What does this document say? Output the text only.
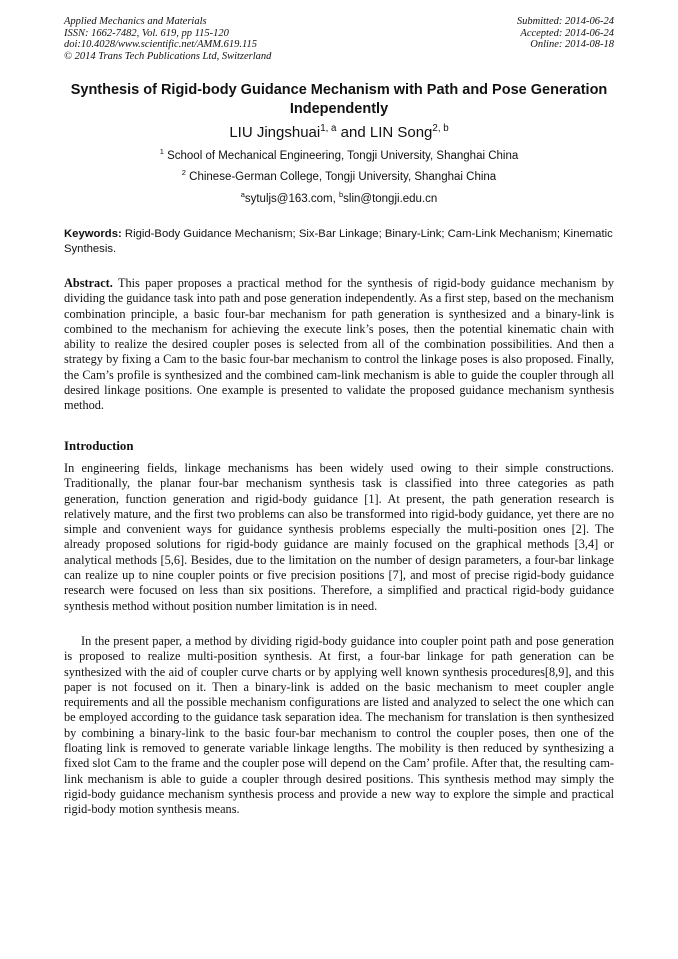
Applied Mechanics and Materials
ISSN: 1662-7482, Vol. 619, pp 115-120
doi:10.4028/www.scientific.net/AMM.619.115
© 2014 Trans Tech Publications Ltd, Switzerland
Submitted: 2014-06-24
Accepted: 2014-06-24
Online: 2014-08-18
Synthesis of Rigid-body Guidance Mechanism with Path and Pose Generation Independently
LIU Jingshuai$^{1, a}$ and LIN Song$^{2, b}$
$^1$ School of Mechanical Engineering, Tongji University, Shanghai China
$^2$ Chinese-German College, Tongji University, Shanghai China
$^a$sytuljs@163.com, $^b$slin@tongji.edu.cn
Keywords: Rigid-Body Guidance Mechanism; Six-Bar Linkage; Binary-Link; Cam-Link Mechanism; Kinematic Synthesis.
Abstract. This paper proposes a practical method for the synthesis of rigid-body guidance mechanism by dividing the guidance task into path and pose generation independently. As a first step, based on the mechanism combination principle, a basic four-bar mechanism for path generation is synthesized and a binary-link is combined to the mechanism for achieving the execute link’s poses, then the potential kinematic chain with ability to realize the desired coupler poses is selected from all of the combination possibilities. And then a strategy by fixing a Cam to the basic four-bar mechanism to control the linkage poses is also proposed. Finally, the Cam’s profile is synthesized and the combined cam-link mechanism is able to guide the coupler through all desired linkage positions. One example is presented to validate the proposed guidance mechanism synthesis method.
Introduction
In engineering fields, linkage mechanisms has been widely used owing to their simple constructions. Traditionally, the planar four-bar mechanism synthesis task is classified into three categories as path generation, function generation and rigid-body guidance [1]. At present, the path generation research is relatively mature, and the first two problems can also be transformed into rigid-body guidance, yet there are no simple and convenient ways for guidance synthesis problems especially the multi-position ones [2]. The already proposed solutions for rigid-body guidance are mainly focused on the graphical methods [3,4] or analytical methods [5,6]. Besides, due to the limitation on the number of design parameters, a four-bar linkage can realize up to nine coupler points or five precision positions [7], and most of precise rigid-body guidance research were focused on less than six positions. Therefore, a simplified and practical rigid-body guidance synthesis method without position number limitation is in need.
In the present paper, a method by dividing rigid-body guidance into coupler point path and pose generation is proposed to realize multi-position synthesis. At first, a four-bar linkage for path generation can be synthesized with the aid of coupler curve charts or by applying well known synthesis procedures[8,9], and this paper is not focused on it. Then a binary-link is added on the basic mechanism to meet coupler angle requirements and all the possible mechanism configurations are listed and analyzed to select the one which can be employed according to the guidance task separation idea. The mechanism for translation is then synthesized by combining a binary-link to the basic four-bar mechanism to control the coupler poses, then one of the floating link is removed to generate variable linkage lengths. The mobility is then reduced by synthesizing a fixed slot Cam to the frame and the coupler pose will depend on the Cam’ profile. After that, the resulting cam-link mechanism is able to guide a coupler through desired positions. This synthesis method may simply the rigid-body guidance mechanism synthesis process and provide a new way to explore the simple and practical rigid-body motion synthesis means.
